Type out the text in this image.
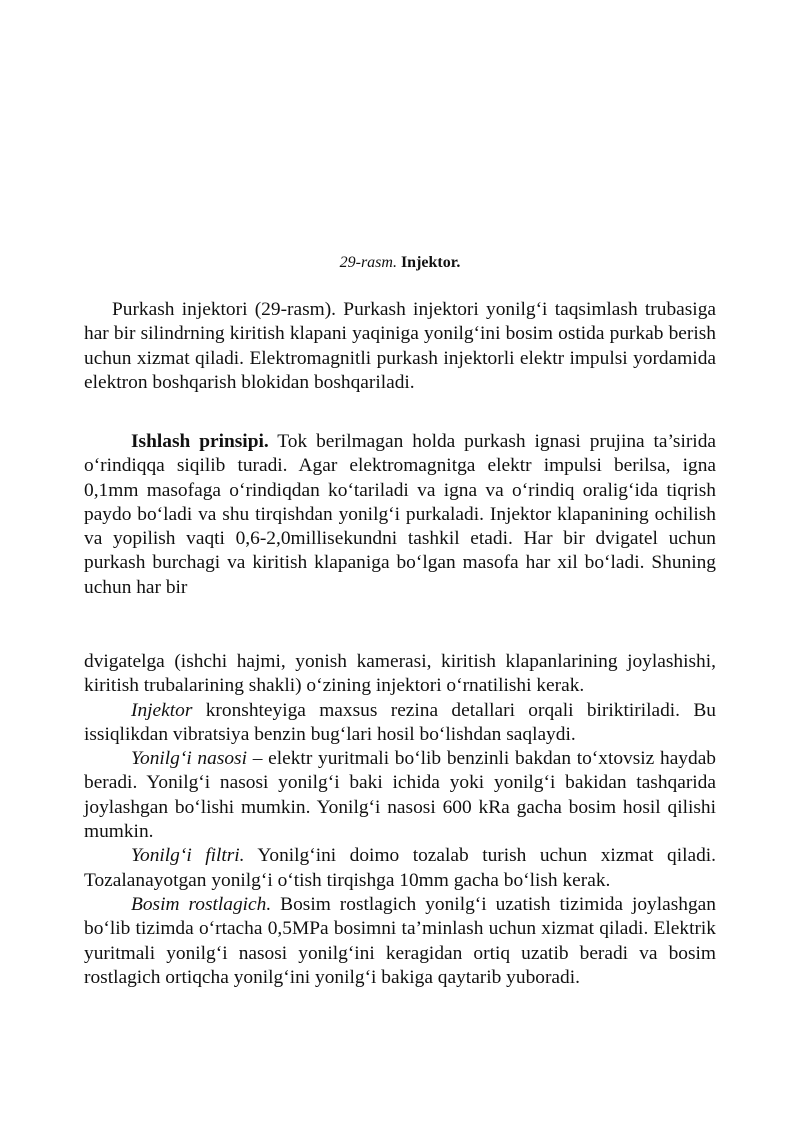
29-rasm. Injektor.

Purkash injektori (29-rasm). Purkash injektori yonilg‘i taqsimlash trubasiga har bir silindrning kiritish klapani yaqiniga yonilg‘ini bosim ostida purkab berish uchun xizmat qiladi. Elektromagnitli purkash injektorli elektr impulsi yordamida elektron boshqarish blokidan boshqariladi.

Ishlash prinsipi. Tok berilmagan holda purkash ignasi prujina ta’sirida o‘rindiqqa siqilib turadi. Agar elektromagnitga elektr impulsi berilsa, igna 0,1mm masofaga o‘rindiqdan ko‘tariladi va igna va o‘rindiq oralig‘ida tiqrish paydo bo‘ladi va shu tirqishdan yonilg‘i purkaladi. Injektor klapanining ochilish va yopilish vaqti 0,6-2,0millisekundni tashkil etadi. Har bir dvigatel uchun purkash burchagi va kiritish klapaniga bo‘lgan masofa har xil bo‘ladi. Shuning uchun har bir

dvigatelga (ishchi hajmi, yonish kamerasi, kiritish klapanlarining joylashishi, kiritish trubalarining shakli) o‘zining injektori o‘rnatilishi kerak.

Injektor kronshteyiga maxsus rezina detallari orqali biriktiriladi. Bu issiqlikdan vibratsiya benzin bug‘lari hosil bo‘lishdan saqlaydi.

Yonilg‘i nasosi – elektr yuritmali bo‘lib benzinli bakdan to‘xtovsiz haydab beradi. Yonilg‘i nasosi yonilg‘i baki ichida yoki yonilg‘i bakidan tashqarida joylashgan bo‘lishi mumkin. Yonilg‘i nasosi 600 kRa gacha bosim hosil qilishi mumkin.

Yonilg‘i filtri. Yonilg‘ini doimo tozalab turish uchun xizmat qiladi. Tozalanayotgan yonilg‘i o‘tish tirqishga 10mm gacha bo‘lish kerak.

Bosim rostlagich. Bosim rostlagich yonilg‘i uzatish tizimida joylashgan bo‘lib tizimda o‘rtacha 0,5MPa bosimni ta’minlash uchun xizmat qiladi. Elektrik yuritmali yonilg‘i nasosi yonilg‘ini keragidan ortiq uzatib beradi va bosim rostlagich ortiqcha yonilg‘ini yonilg‘i bakiga qaytarib yuboradi.
